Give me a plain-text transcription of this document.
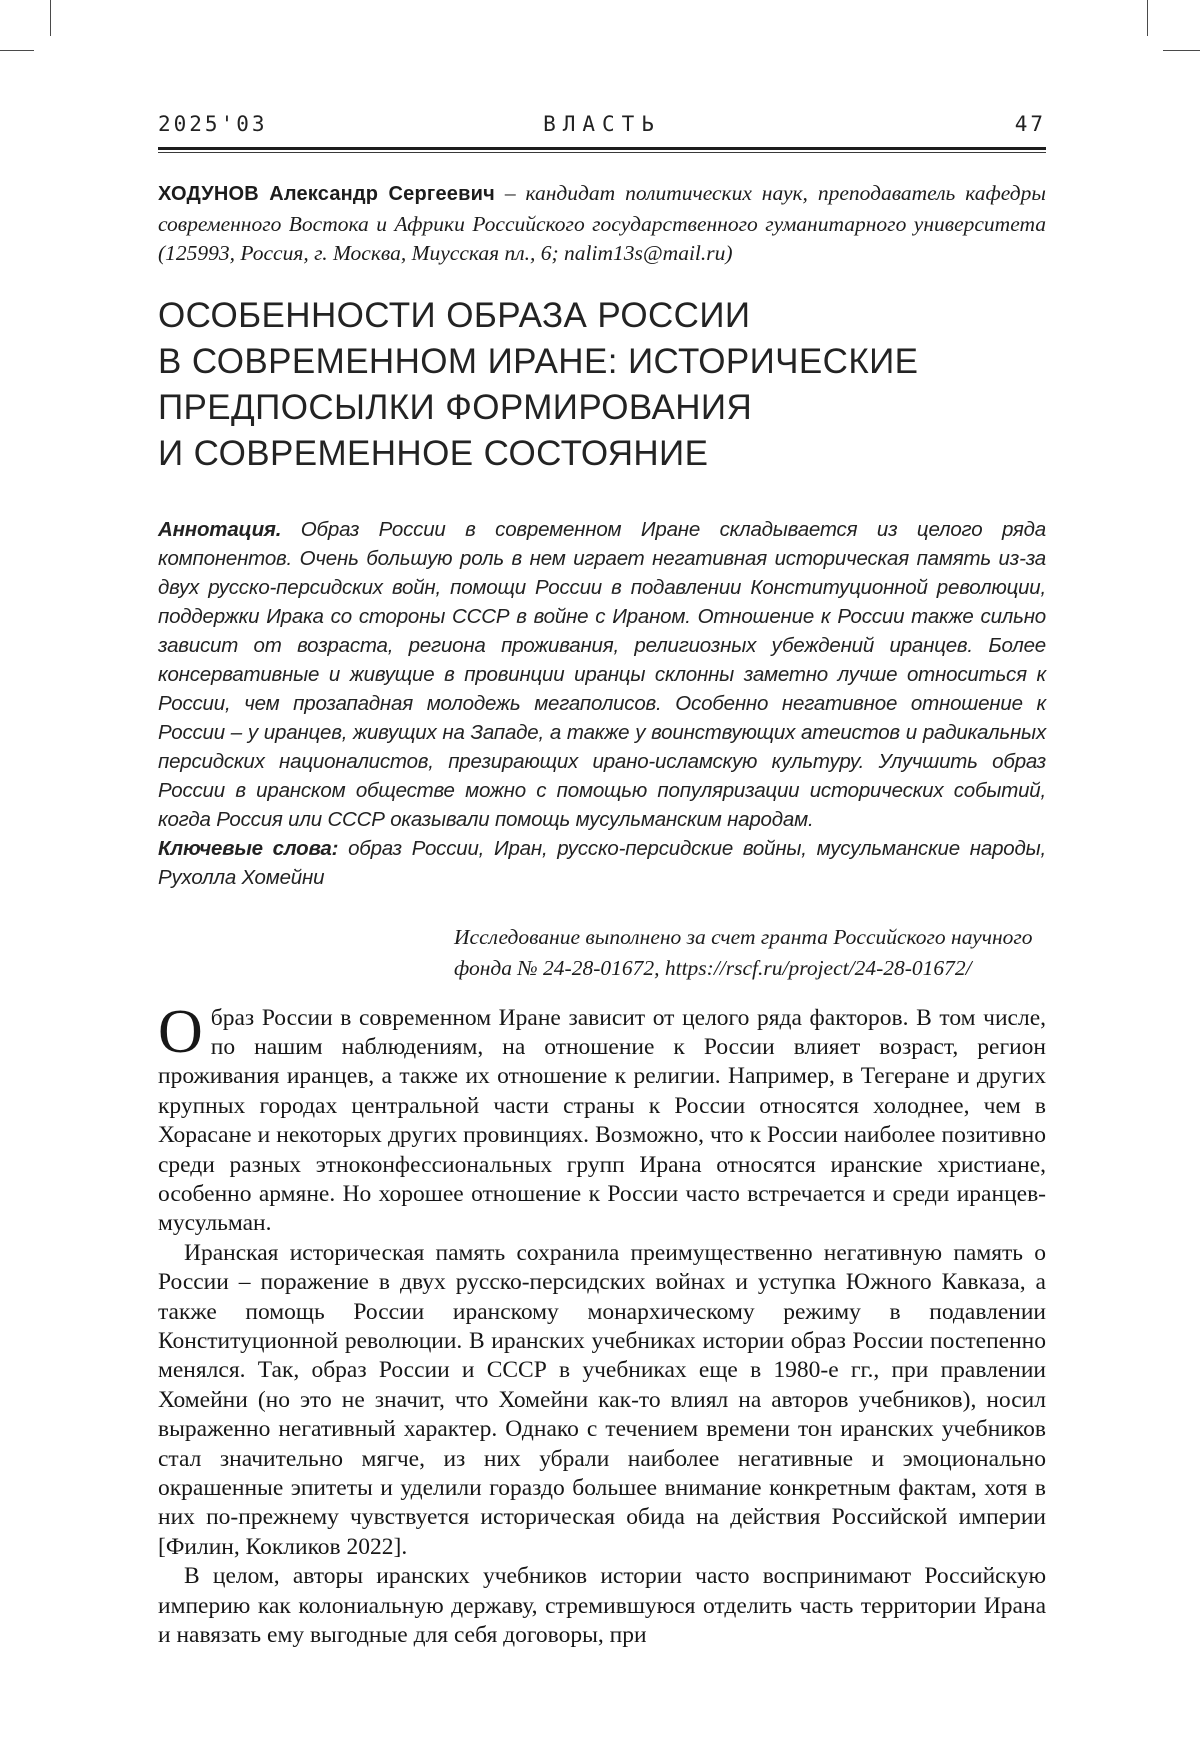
2025'03	ВЛАСТЬ	47

ХОДУНОВ Александр Сергеевич – кандидат политических наук, преподаватель кафедры современного Востока и Африки Российского государственного гуманитарного университета (125993, Россия, г. Москва, Миусская пл., 6; nalim13s@mail.ru)

ОСОБЕННОСТИ ОБРАЗА РОССИИ
В СОВРЕМЕННОМ ИРАНЕ: ИСТОРИЧЕСКИЕ
ПРЕДПОСЫЛКИ ФОРМИРОВАНИЯ
И СОВРЕМЕННОЕ СОСТОЯНИЕ
Аннотация. Образ России в современном Иране складывается из целого ряда компонентов. Очень большую роль в нем играет негативная историческая память из-за двух русско-персидских войн, помощи России в подавлении Конституционной революции, поддержки Ирака со стороны СССР в войне с Ираном. Отношение к России также сильно зависит от возраста, региона проживания, религиозных убеждений иранцев. Более консервативные и живущие в провинции иранцы склонны заметно лучше относиться к России, чем прозападная молодежь мегаполисов. Особенно негативное отношение к России – у иранцев, живущих на Западе, а также у воинствующих атеистов и радикальных персидских националистов, презирающих ирано-исламскую культуру. Улучшить образ России в иранском обществе можно с помощью популяризации исторических событий, когда Россия или СССР оказывали помощь мусульманским народам.
Ключевые слова: образ России, Иран, русско-персидские войны, мусульманские народы, Рухолла Хомейни
Исследование выполнено за счет гранта Российского научного
фонда № 24-28-01672, https://rscf.ru/project/24-28-01672/

Образ России в современном Иране зависит от целого ряда факторов. В том числе, по нашим наблюдениям, на отношение к России влияет возраст, регион проживания иранцев, а также их отношение к религии. Например, в Тегеране и других крупных городах центральной части страны к России относятся холоднее, чем в Хорасане и некоторых других провинциях. Возможно, что к России наиболее позитивно среди разных этноконфессиональных групп Ирана относятся иранские христиане, особенно армяне. Но хорошее отношение к России часто встречается и среди иранцев-мусульман.

Иранская историческая память сохранила преимущественно негативную память о России – поражение в двух русско-персидских войнах и уступка Южного Кавказа, а также помощь России иранскому монархическому режиму в подавлении Конституционной революции. В иранских учебниках истории образ России постепенно менялся. Так, образ России и СССР в учебниках еще в 1980-е гг., при правлении Хомейни (но это не значит, что Хомейни как-то влиял на авторов учебников), носил выраженно негативный характер. Однако с течением времени тон иранских учебников стал значительно мягче, из них убрали наиболее негативные и эмоционально окрашенные эпитеты и уделили гораздо большее внимание конкретным фактам, хотя в них по-прежнему чувствуется историческая обида на действия Российской империи [Филин, Кокликов 2022].

В целом, авторы иранских учебников истории часто воспринимают Российскую империю как колониальную державу, стремившуюся отделить часть территории Ирана и навязать ему выгодные для себя договоры, при
